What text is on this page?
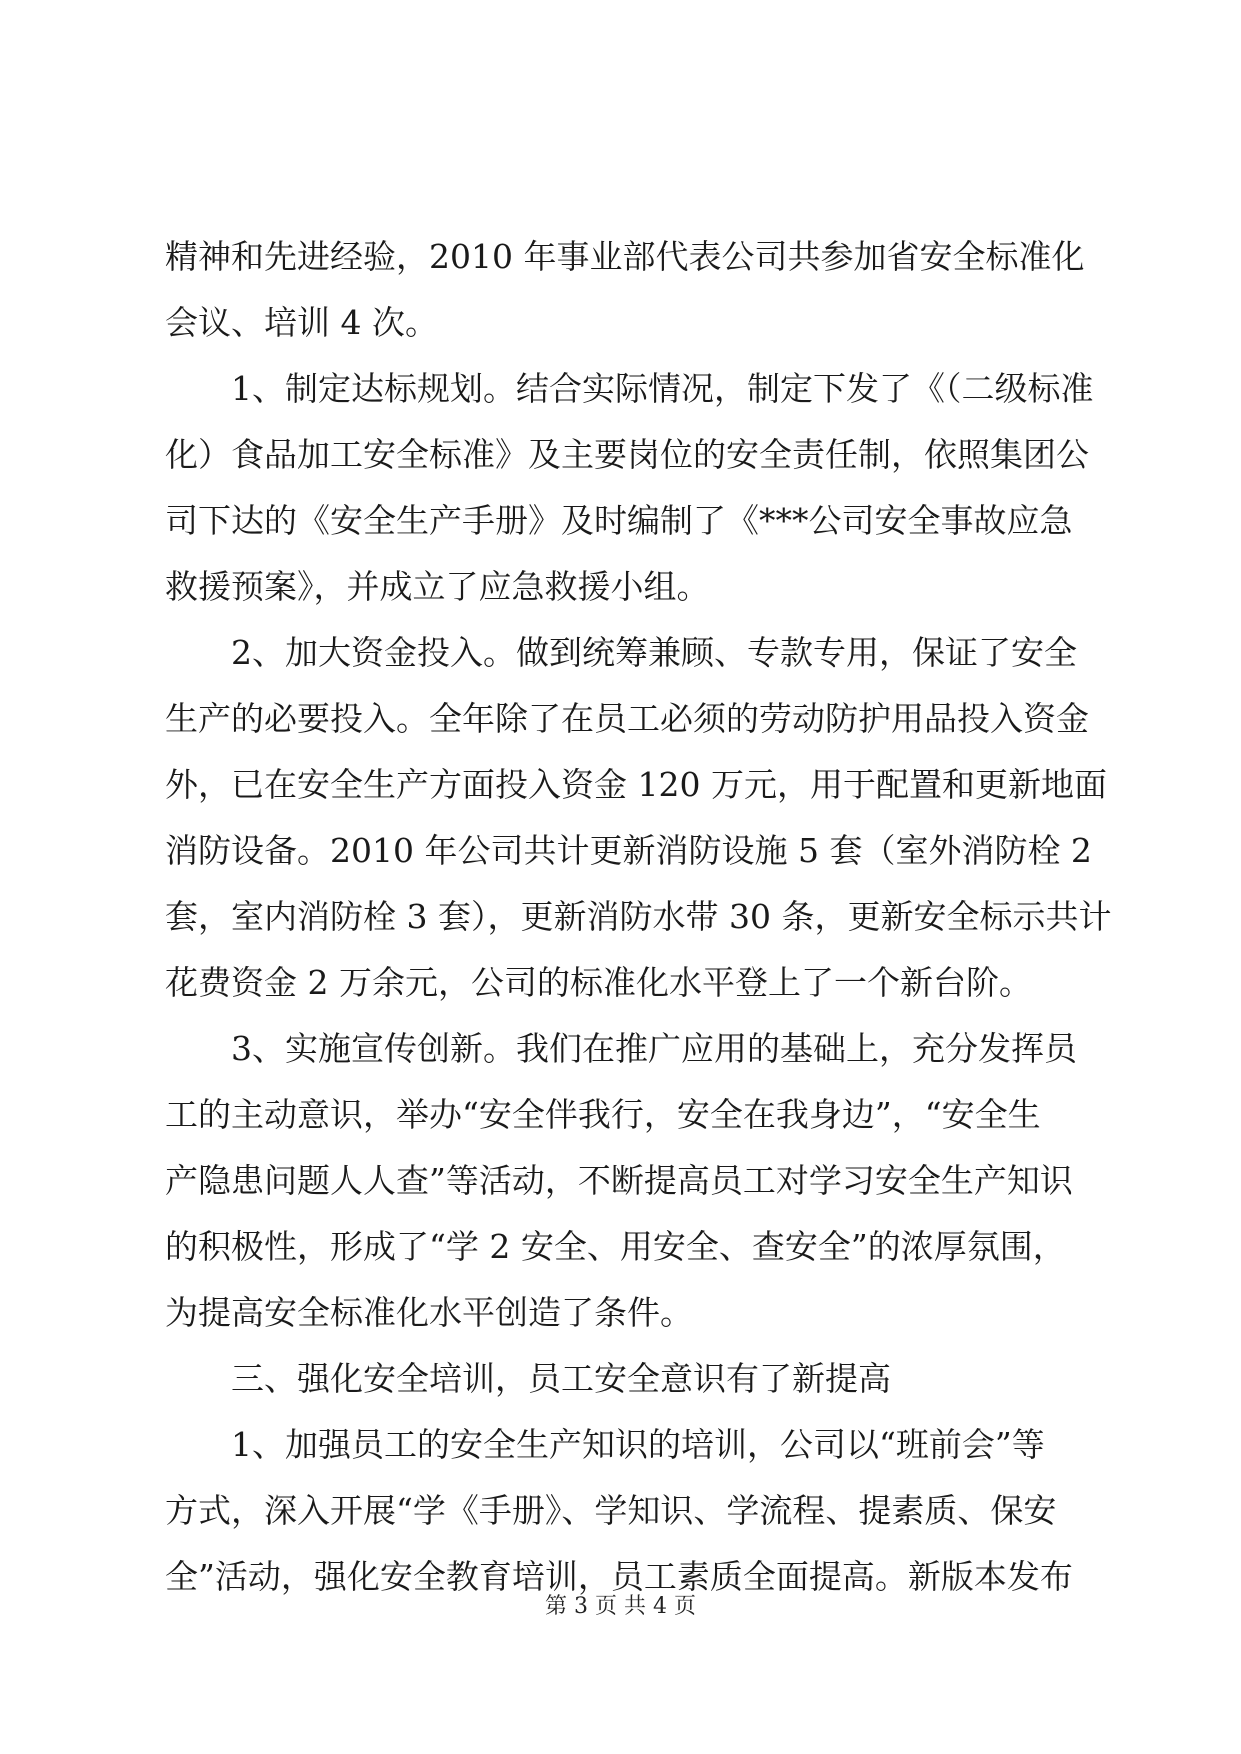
精神和先进经验，2010 年事业部代表公司共参加省安全标准化
会议、培训 4 次。
1、制定达标规划。结合实际情况，制定下发了《（二级标准
化）食品加工安全标准》及主要岗位的安全责任制，依照集团公
司下达的《安全生产手册》及时编制了《***公司安全事故应急
救援预案》，并成立了应急救援小组。
2、加大资金投入。做到统筹兼顾、专款专用，保证了安全
生产的必要投入。全年除了在员工必须的劳动防护用品投入资金
外，已在安全生产方面投入资金 120 万元，用于配置和更新地面
消防设备。2010 年公司共计更新消防设施 5 套（室外消防栓 2
套，室内消防栓 3 套），更新消防水带 30 条，更新安全标示共计
花费资金 2 万余元，公司的标准化水平登上了一个新台阶。
3、实施宣传创新。我们在推广应用的基础上，充分发挥员
工的主动意识，举办“安全伴我行，安全在我身边”，“安全生
产隐患问题人人查”等活动，不断提高员工对学习安全生产知识
的积极性，形成了“学 2 安全、用安全、查安全”的浓厚氛围，
为提高安全标准化水平创造了条件。
三、强化安全培训，员工安全意识有了新提高
1、加强员工的安全生产知识的培训，公司以“班前会”等
方式，深入开展“学《手册》、学知识、学流程、提素质、保安
全”活动，强化安全教育培训，员工素质全面提高。新版本发布
第 3 页 共 4 页
